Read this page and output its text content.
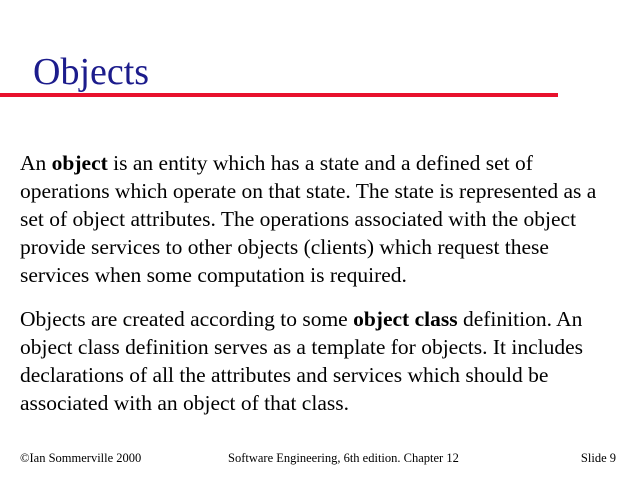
Objects

An object is an entity which has a state and a defined set of operations which operate on that state. The state is represented as a set of object attributes. The operations associated with the object provide services to other objects (clients) which request these services when some computation is required.

Objects are created according to some object class definition. An object class definition serves as a template for objects. It includes declarations of all the attributes and services which should be associated with an object of that class.

©Ian Sommerville 2000	Software Engineering, 6th edition. Chapter 12	Slide 9
